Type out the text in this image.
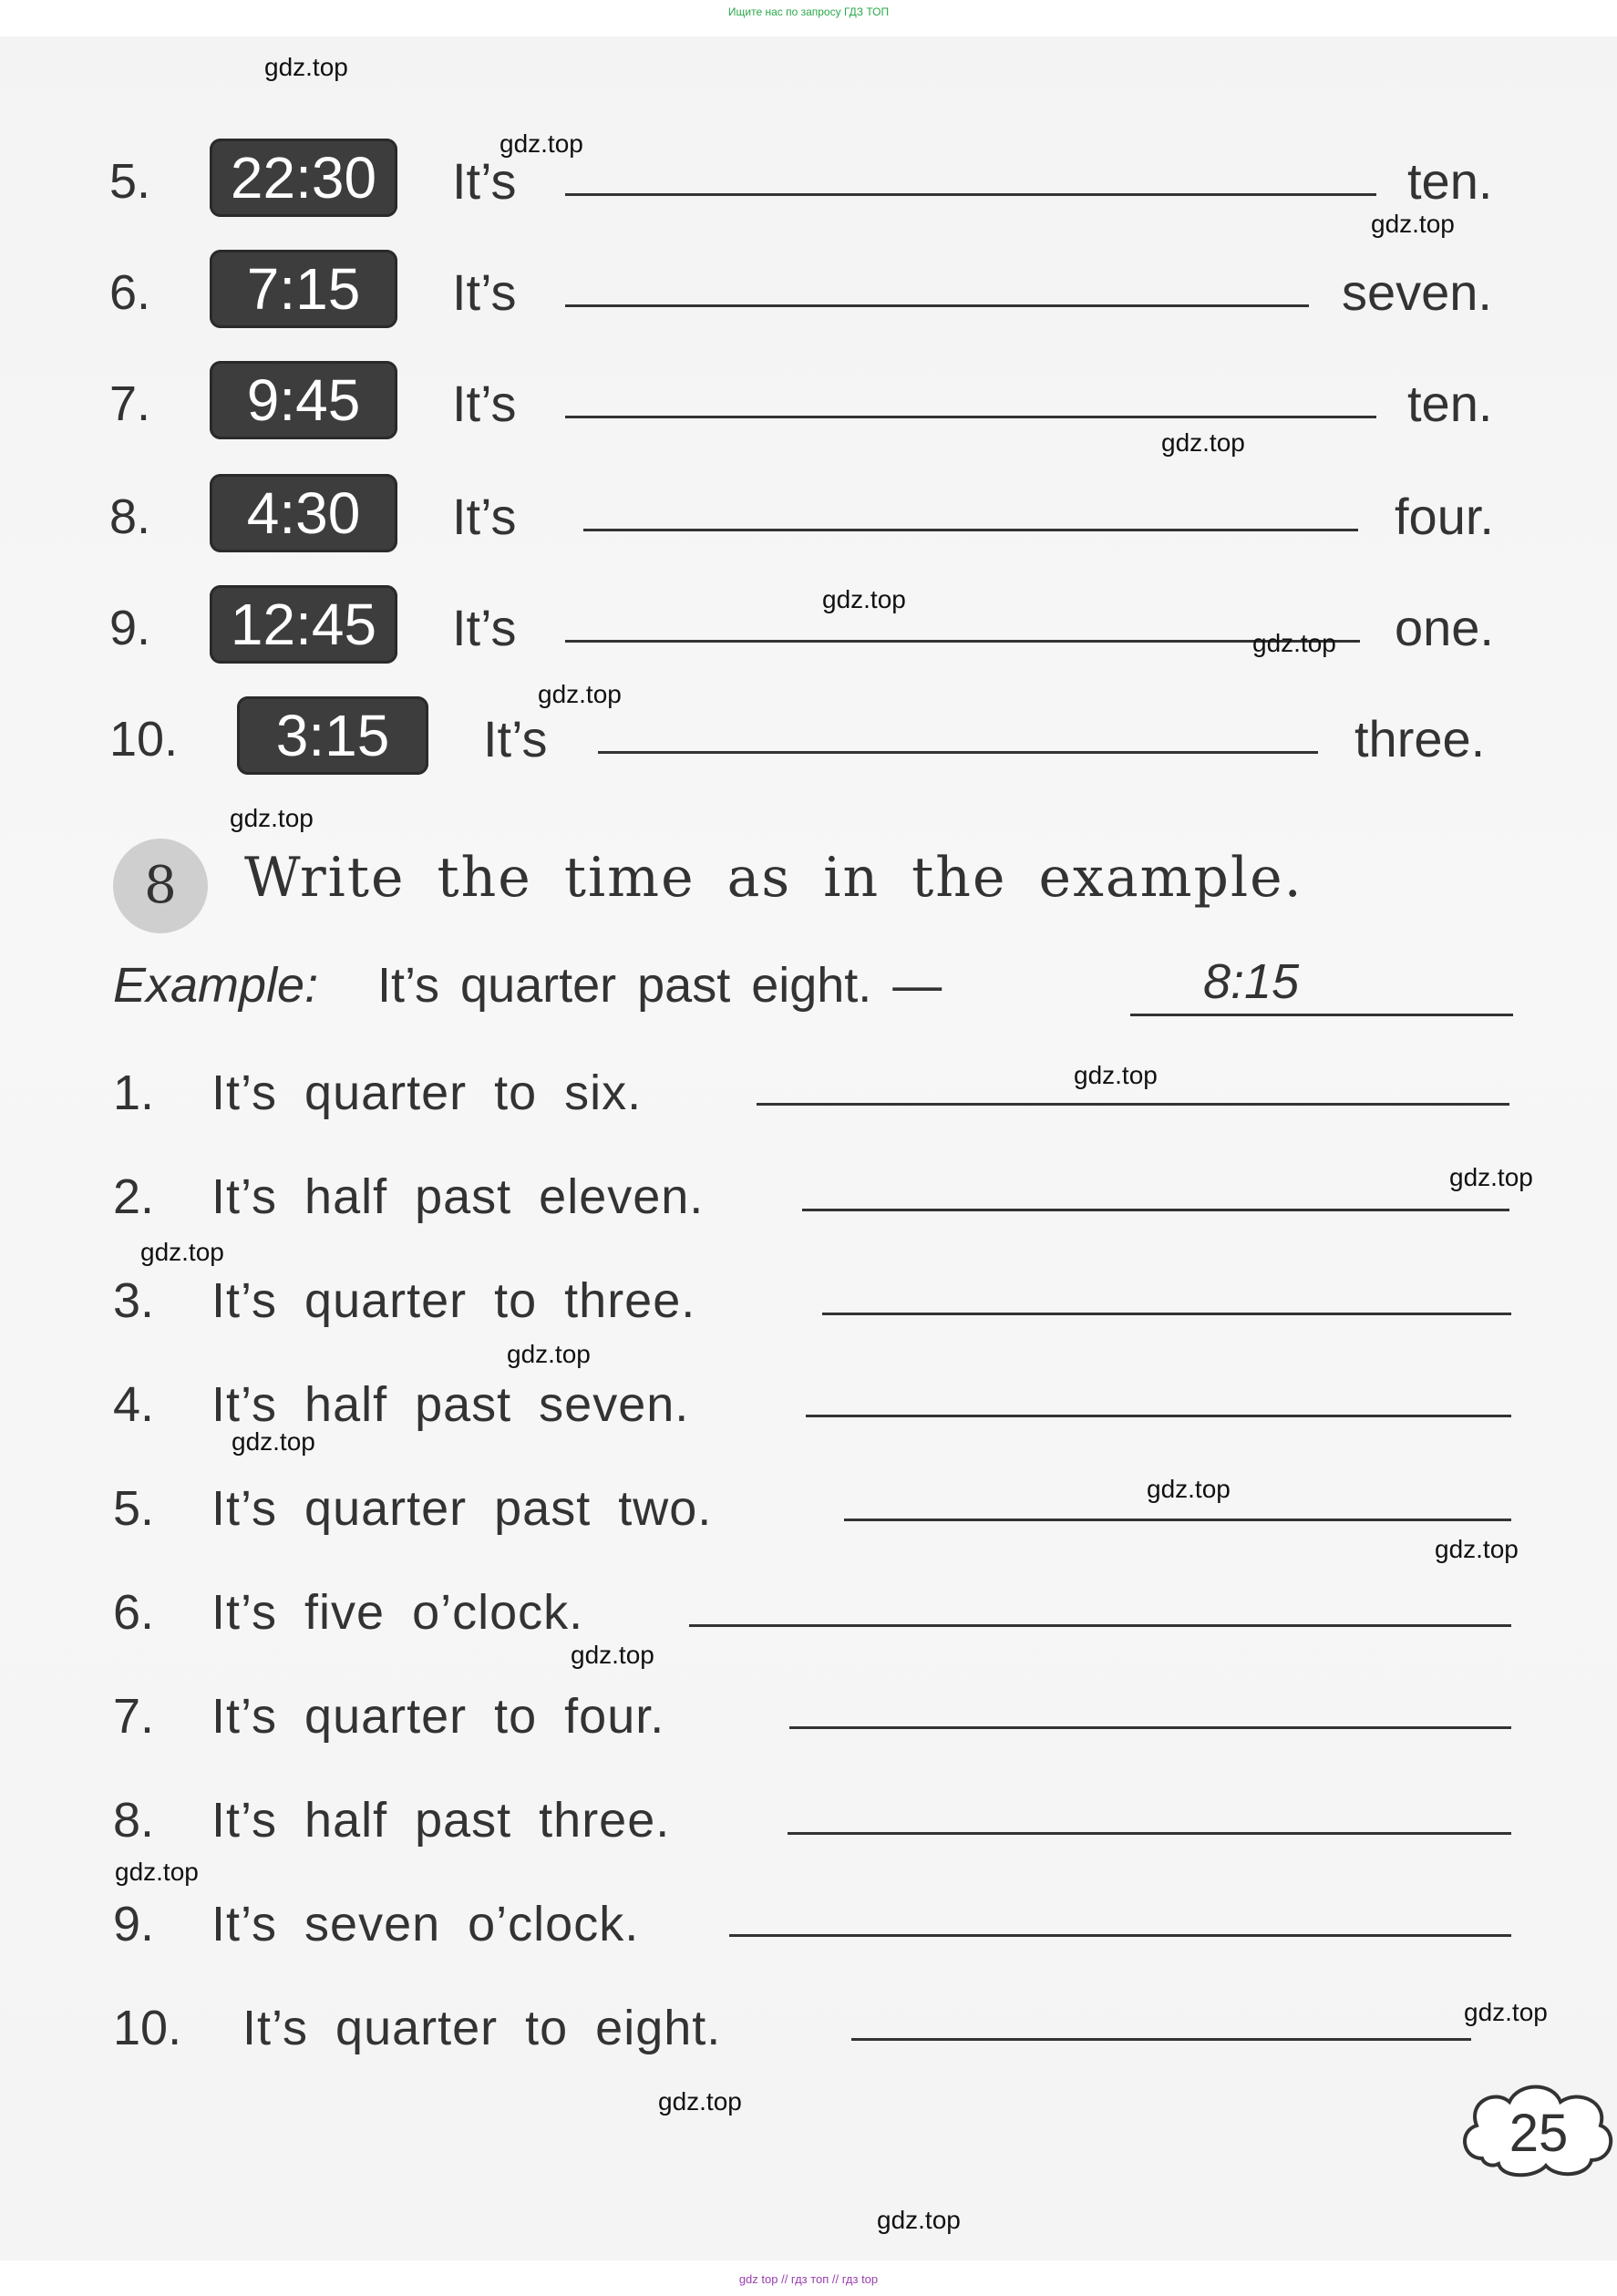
Ищите нас по запросу ГДЗ ТОП
5.	22:30	It’s	ten.
6.	7:15	It’s	seven.
7.	9:45	It’s	ten.
8.	4:30	It’s	four.
9.	12:45	It’s	one.
10.	3:15	It’s	three.
8	Write the time as in the example.
Example: It’s quarter past eight. —	8:15
1. It’s quarter to six.
2. It’s half past eleven.
3. It’s quarter to three.
4. It’s half past seven.
5. It’s quarter past two.
6. It’s five o’clock.
7. It’s quarter to four.
8. It’s half past three.
9. It’s seven o’clock.
10. It’s quarter to eight.
25
gdz.top
gdz.top
gdz.top
gdz.top
gdz.top
gdz.top
gdz.top
gdz.top
gdz.top
gdz.top
gdz.top
gdz.top
gdz.top
gdz.top
gdz.top
gdz.top
gdz.top
gdz.top
gdz.top
gdz.top
gdz top // гдз топ // гдз top
